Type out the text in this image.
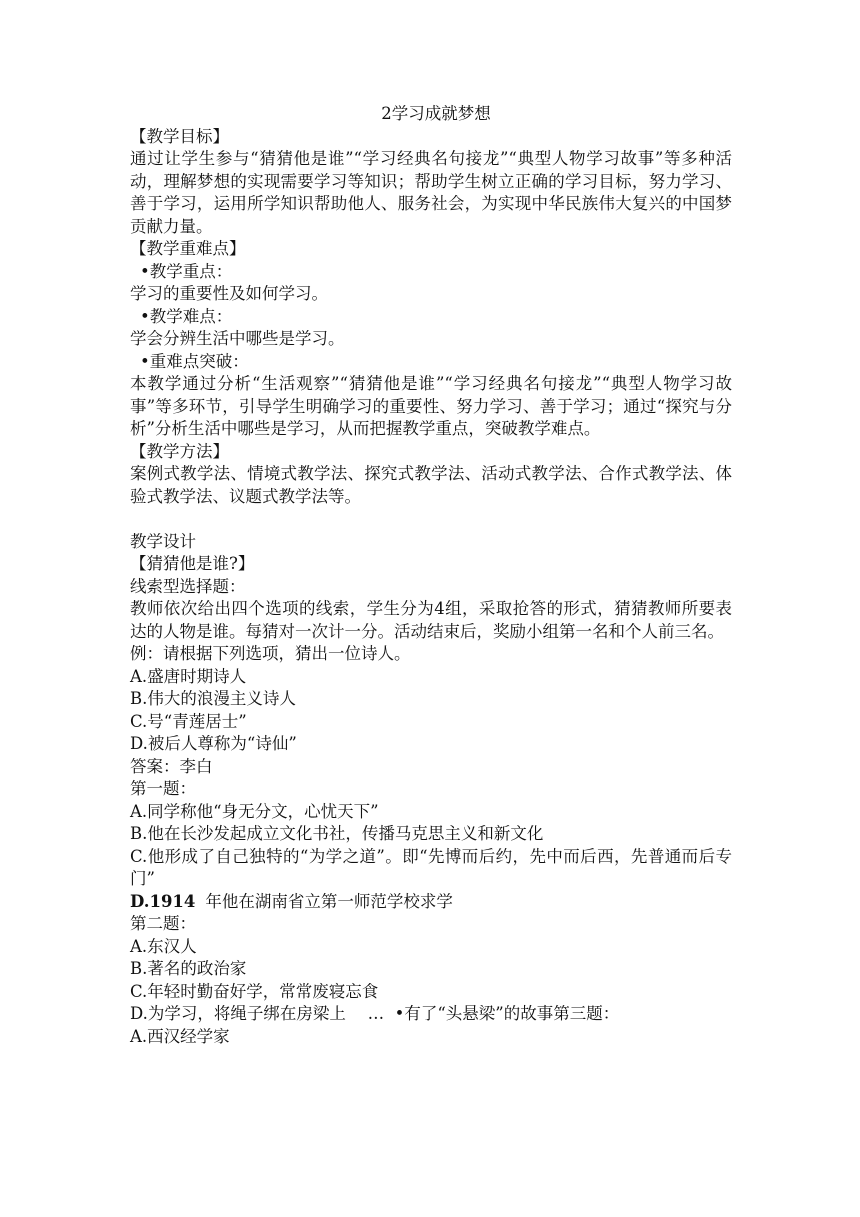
2学习成就梦想

【教学目标】

通过让学生参与“猜猜他是谁”“学习经典名句接龙”“典型人物学习故事”等多种活动，理解梦想的实现需要学习等知识；帮助学生树立正确的学习目标，努力学习、善于学习，运用所学知识帮助他人、服务社会，为实现中华民族伟大复兴的中国梦贡献力量。

【教学重难点】

•教学重点：

学习的重要性及如何学习。

•教学难点：

学会分辨生活中哪些是学习。

•重难点突破：

本教学通过分析“生活观察”“猜猜他是谁”“学习经典名句接龙”“典型人物学习故事”等多环节，引导学生明确学习的重要性、努力学习、善于学习；通过“探究与分析”分析生活中哪些是学习，从而把握教学重点，突破教学难点。

【教学方法】

案例式教学法、情境式教学法、探究式教学法、活动式教学法、合作式教学法、体验式教学法、议题式教学法等。

教学设计

【猜猜他是谁?】

线索型选择题：

教师依次给出四个选项的线索，学生分为4组，采取抢答的形式，猜猜教师所要表达的人物是谁。每猜对一次计一分。活动结束后，奖励小组第一名和个人前三名。

例：请根据下列选项，猜出一位诗人。

A.盛唐时期诗人

B.伟大的浪漫主义诗人

C.号“青莲居士”

D.被后人尊称为“诗仙”

答案：李白

第一题：

A.同学称他“身无分文，心忧天下”

B.他在长沙发起成立文化书社，传播马克思主义和新文化

C.他形成了自己独特的“为学之道”。即“先博而后约，先中而后西，先普通而后专门”

D.1914 年他在湖南省立第一师范学校求学

第二题：

A.东汉人

B.著名的政治家

C.年轻时勤奋好学，常常废寝忘食

D.为学习，将绳子绑在房梁上　 …  •有了“头悬梁”的故事第三题：

A.西汉经学家
